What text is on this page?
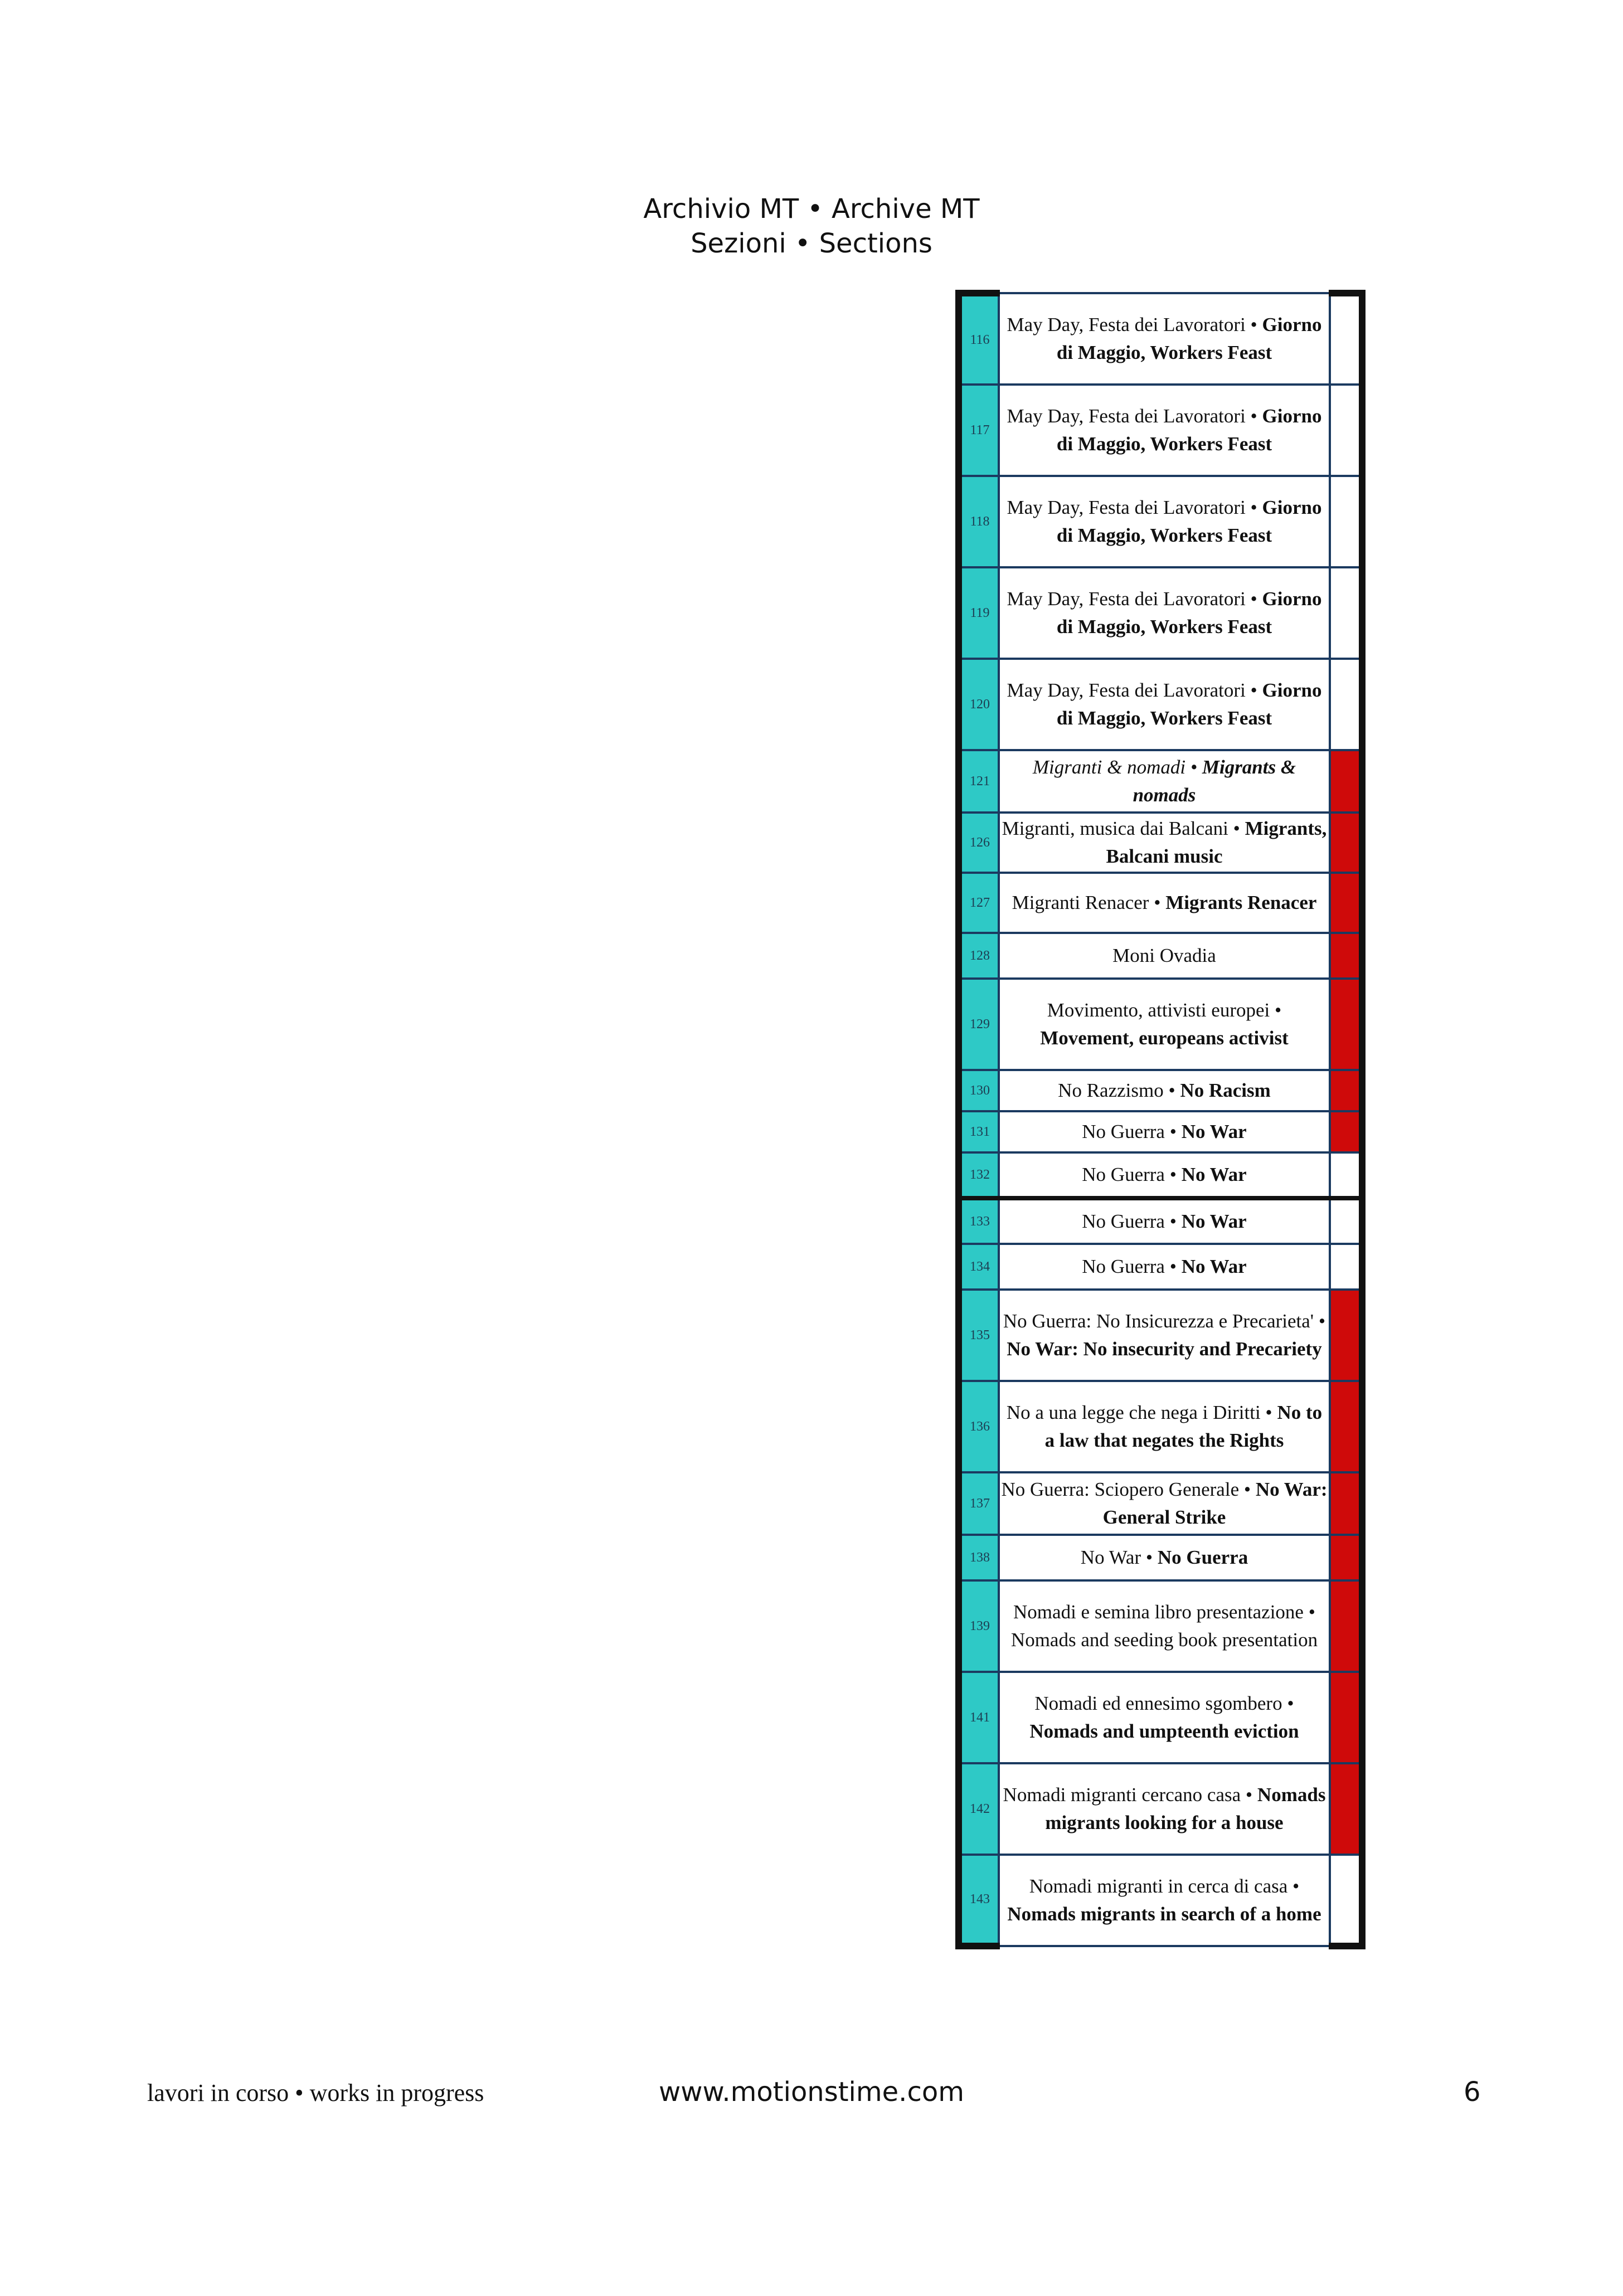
Archivio MT • Archive MT
Sezioni • Sections
116	May Day, Festa dei Lavoratori • Giorno di Maggio, Workers Feast	
117	May Day, Festa dei Lavoratori • Giorno di Maggio, Workers Feast	
118	May Day, Festa dei Lavoratori • Giorno di Maggio, Workers Feast	
119	May Day, Festa dei Lavoratori • Giorno di Maggio, Workers Feast	
120	May Day, Festa dei Lavoratori • Giorno di Maggio, Workers Feast	
121	Migranti & nomadi • Migrants & nomads	
126	Migranti, musica dai Balcani • Migrants, Balcani music	
127	Migranti Renacer • Migrants Renacer	
128	Moni Ovadia	
129	Movimento, attivisti europei • Movement, europeans activist	
130	No Razzismo • No Racism	
131	No Guerra • No War	
132	No Guerra • No War	
133	No Guerra • No War	
134	No Guerra • No War	
135	No Guerra: No Insicurezza e Precarieta' • No War: No insecurity and Precariety	
136	No a una legge che nega i Diritti • No to a law that negates the Rights	
137	No Guerra: Sciopero Generale • No War: General Strike	
138	No War • No Guerra	
139	Nomadi e semina libro presentazione • Nomads and seeding book presentation	
141	Nomadi ed ennesimo sgombero • Nomads and umpteenth eviction	
142	Nomadi migranti cercano casa • Nomads migrants looking for a house	
143	Nomadi migranti in cerca di casa • Nomads migrants in search of a home	
lavori in corso • works in progress	www.motionstime.com	6
